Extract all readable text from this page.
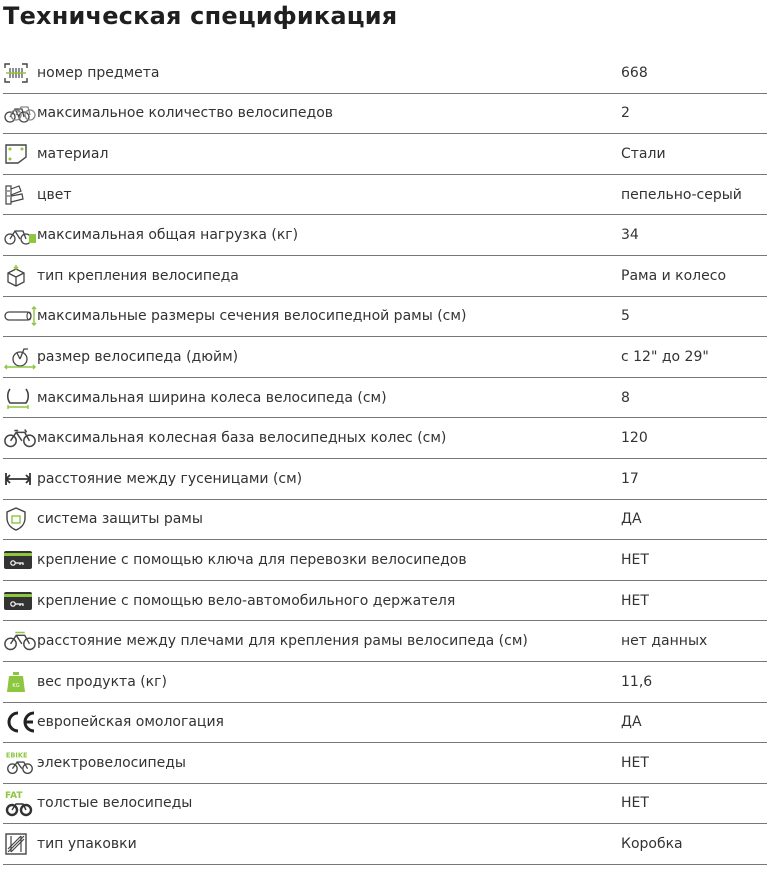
Техническая спецификация
номер предмета	668
максимальное количество велосипедов	2
материал	Стали
цвет	пепельно-серый
максимальная общая нагрузка (кг)	34
тип крепления велосипеда	Рама и колесо
максимальные размеры сечения велосипедной рамы (см)	5
размер велосипеда (дюйм)	с 12" до 29"
максимальная ширина колеса велосипеда (см)	8
максимальная колесная база велосипедных колес (см)	120
расстояние между гусеницами (см)	17
система защиты рамы	ДА
крепление с помощью ключа для перевозки велосипедов	НЕТ
крепление с помощью вело-автомобильного держателя	НЕТ
расстояние между плечами для крепления рамы велосипеда (см)	нет данных
KG вес продукта (кг)	11,6
европейская омологация	ДА
EBIKE электровелосипеды	НЕТ
FAT толстые велосипеды	НЕТ
тип упаковки	Коробка
